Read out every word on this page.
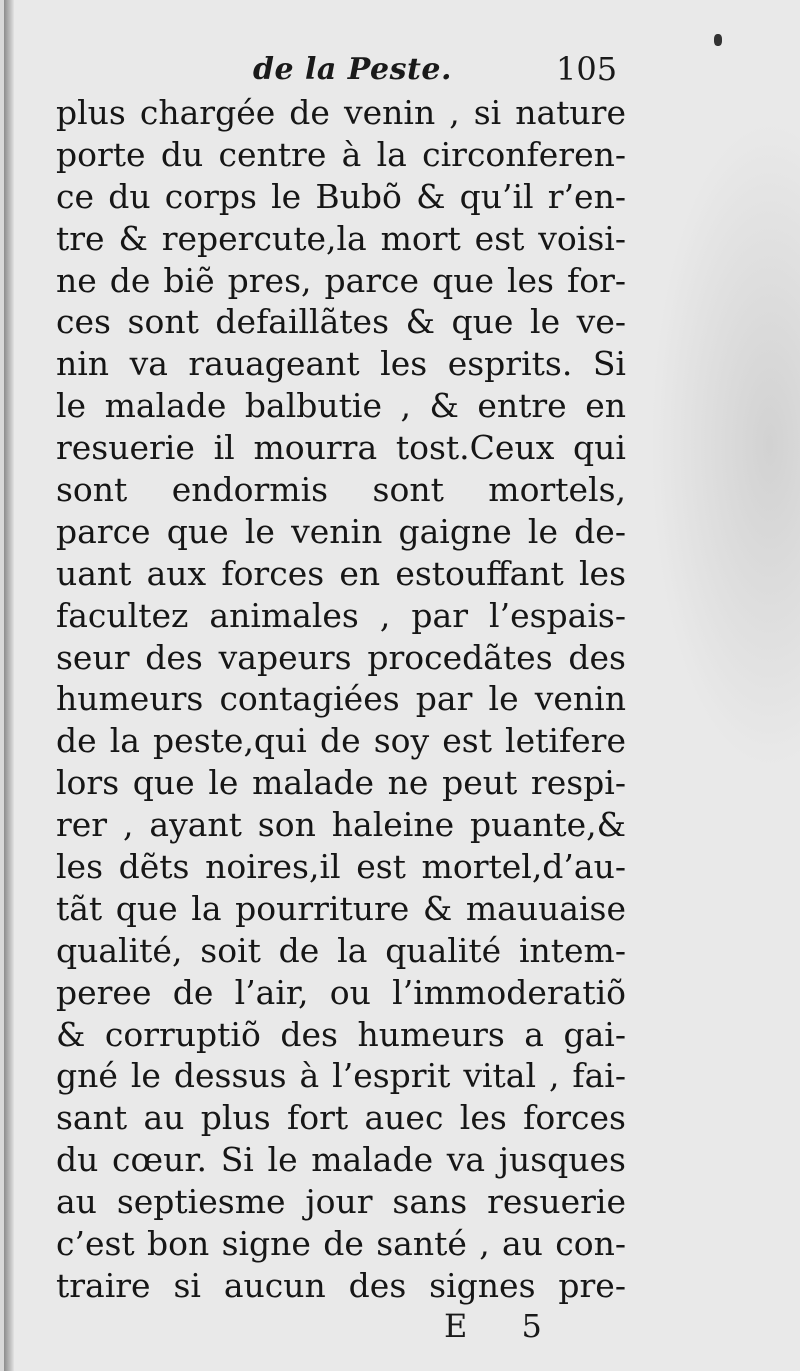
de la Peste.	105
plus chargée de venin , si nature
porte du centre à la circonferen-
ce du corps le Bubõ & qu’il r’en-
tre & repercute,la mort est voisi-
ne de biẽ pres, parce que les for-
ces sont defaillãtes & que le ve-
nin va rauageant les esprits. Si
le malade balbutie , & entre en
resuerie il mourra tost.Ceux qui
sont endormis sont mortels,
parce que le venin gaigne le de-
uant aux forces en estouffant les
facultez animales , par l’espais-
seur des vapeurs procedãtes des
humeurs contagiées par le venin
de la peste,qui de soy est letifere
lors que le malade ne peut respi-
rer , ayant son haleine puante,&
les dẽts noires,il est mortel,d’au-
tãt que la pourriture & mauuaise
qualité, soit de la qualité intem-
peree de l’air, ou l’immoderatiõ
& corruptiõ des humeurs a gai-
gné le dessus à l’esprit vital , fai-
sant au plus fort auec les forces
du cœur. Si le malade va jusques
au septiesme jour sans resuerie
c’est bon signe de santé , au con-
traire si aucun des signes pre-
E 5
